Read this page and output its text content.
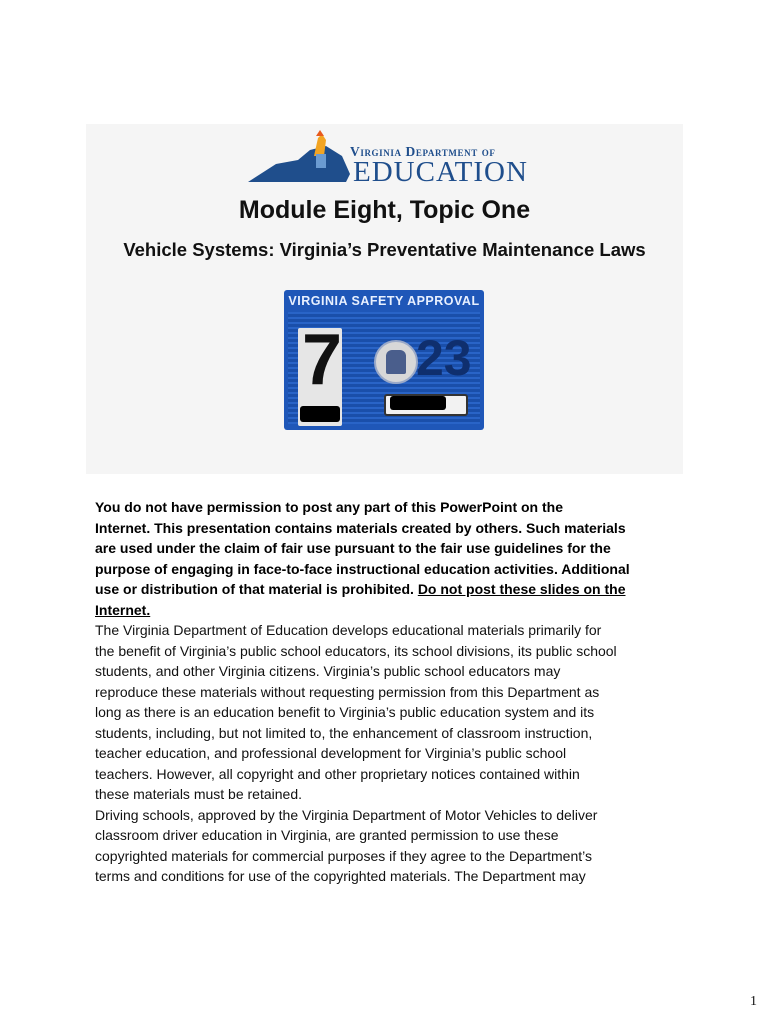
Virginia Department of
EDUCATION
Module Eight, Topic One
Vehicle Systems: Virginia’s Preventative Maintenance Laws
VIRGINIA SAFETY APPROVAL
7 23
You do not have permission to post any part of this PowerPoint on the
Internet. This presentation contains materials created by others. Such materials
are used under the claim of fair use pursuant to the fair use guidelines for the
purpose of engaging in face-to-face instructional education activities. Additional
use or distribution of that material is prohibited. Do not post these slides on the
Internet.
The Virginia Department of Education develops educational materials primarily for
the benefit of Virginia’s public school educators, its school divisions, its public school
students, and other Virginia citizens. Virginia’s public school educators may
reproduce these materials without requesting permission from this Department as
long as there is an education benefit to Virginia’s public education system and its
students, including, but not limited to, the enhancement of classroom instruction,
teacher education, and professional development for Virginia’s public school
teachers. However, all copyright and other proprietary notices contained within
these materials must be retained.
Driving schools, approved by the Virginia Department of Motor Vehicles to deliver
classroom driver education in Virginia, are granted permission to use these
copyrighted materials for commercial purposes if they agree to the Department’s
terms and conditions for use of the copyrighted materials. The Department may
1
